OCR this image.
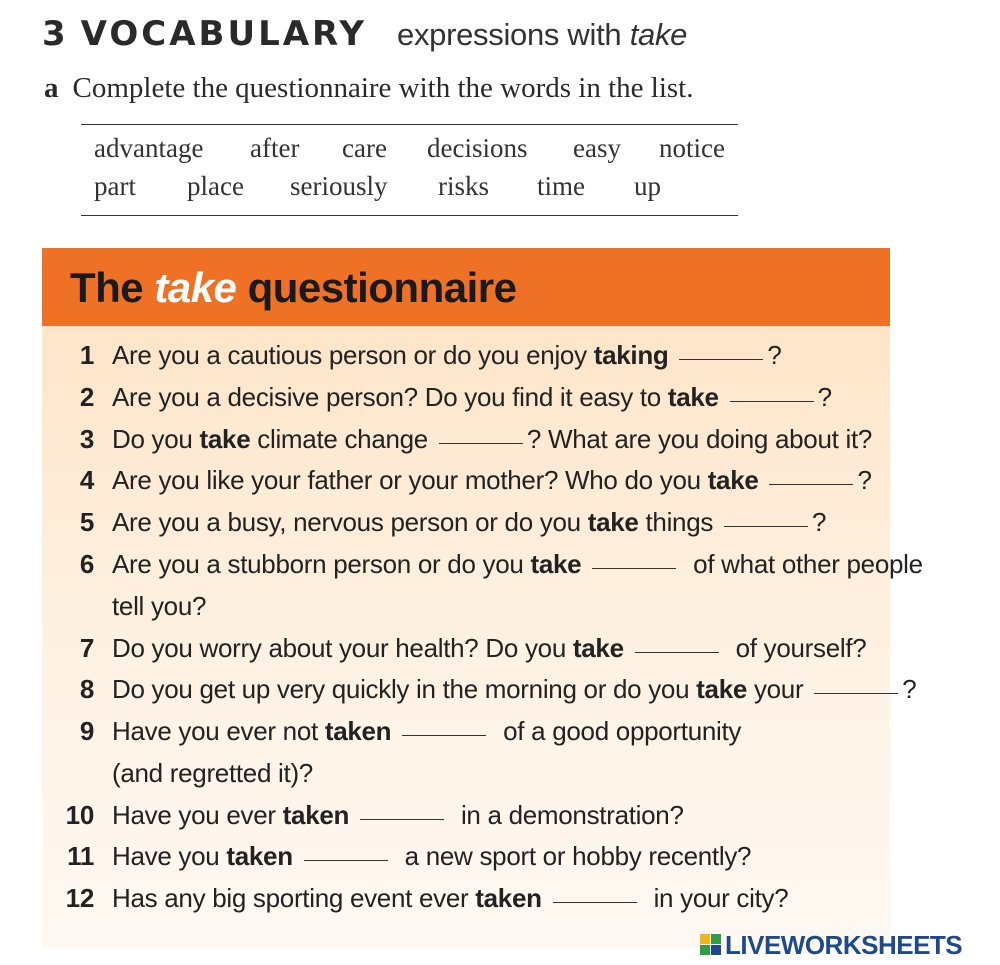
3 VOCABULARY expressions with take
a Complete the questionnaire with the words in the list.
advantage after care decisions easy notice
part place seriously risks time up
The take questionnaire
1 Are you a cautious person or do you enjoy taking	?
2 Are you a decisive person? Do you find it easy to take	?
3 Do you take climate change	? What are you doing about it?
4 Are you like your father or your mother? Who do you take	?
5 Are you a busy, nervous person or do you take things	?
6 Are you a stubborn person or do you take	of what other people
tell you?
7 Do you worry about your health? Do you take	of yourself?
8 Do you get up very quickly in the morning or do you take your	?
9 Have you ever not taken	of a good opportunity
(and regretted it)?
10 Have you ever taken	in a demonstration?
11 Have you taken	a new sport or hobby recently?
12 Has any big sporting event ever taken	in your city?
LIVEWORKSHEETS
